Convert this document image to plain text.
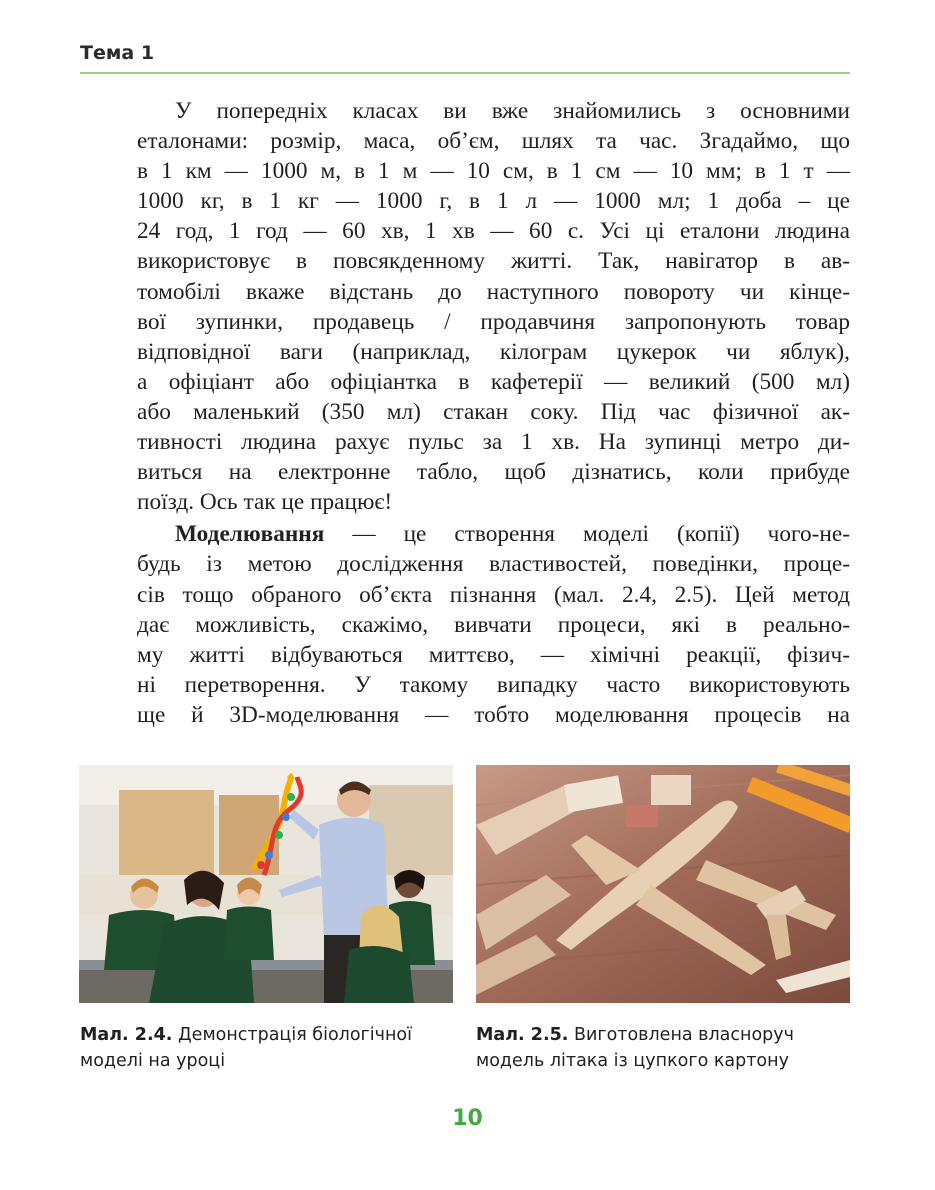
Тема 1
У попередніх класах ви вже знайомились з основними
еталонами: розмір, маса, об’єм, шлях та час. Згадаймо, що
в 1 км — 1000 м, в 1 м — 10 см, в 1 см — 10 мм; в 1 т —
1000 кг, в 1 кг — 1000 г, в 1 л — 1000 мл; 1 доба – це
24 год, 1 год — 60 хв, 1 хв — 60 с. Усі ці еталони людина
використовує в повсякденному житті. Так, навігатор в ав-
томобілі вкаже відстань до наступного повороту чи кінце-
вої зупинки, продавець / продавчиня запропонують товар
відповідної ваги (наприклад, кілограм цукерок чи яблук),
а офіціант або офіціантка в кафетерії — великий (500 мл)
або маленький (350 мл) стакан соку. Під час фізичної ак-
тивності людина рахує пульс за 1 хв. На зупинці метро ди-
виться на електронне табло, щоб дізнатись, коли прибуде
поїзд. Ось так це працює!
Моделювання — це створення моделі (копії) чого-не-
будь із метою дослідження властивостей, поведінки, проце-
сів тощо обраного об’єкта пізнання (мал. 2.4, 2.5). Цей метод
дає можливість, скажімо, вивчати процеси, які в реально-
му житті відбуваються миттєво, — хімічні реакції, фізич-
ні перетворення. У такому випадку часто використовують
ще й 3D-моделювання — тобто моделювання процесів на
Мал. 2.4. Демонстрація біологічної моделі на уроці
Мал. 2.5. Виготовлена власноруч модель літака із цупкого картону
10
